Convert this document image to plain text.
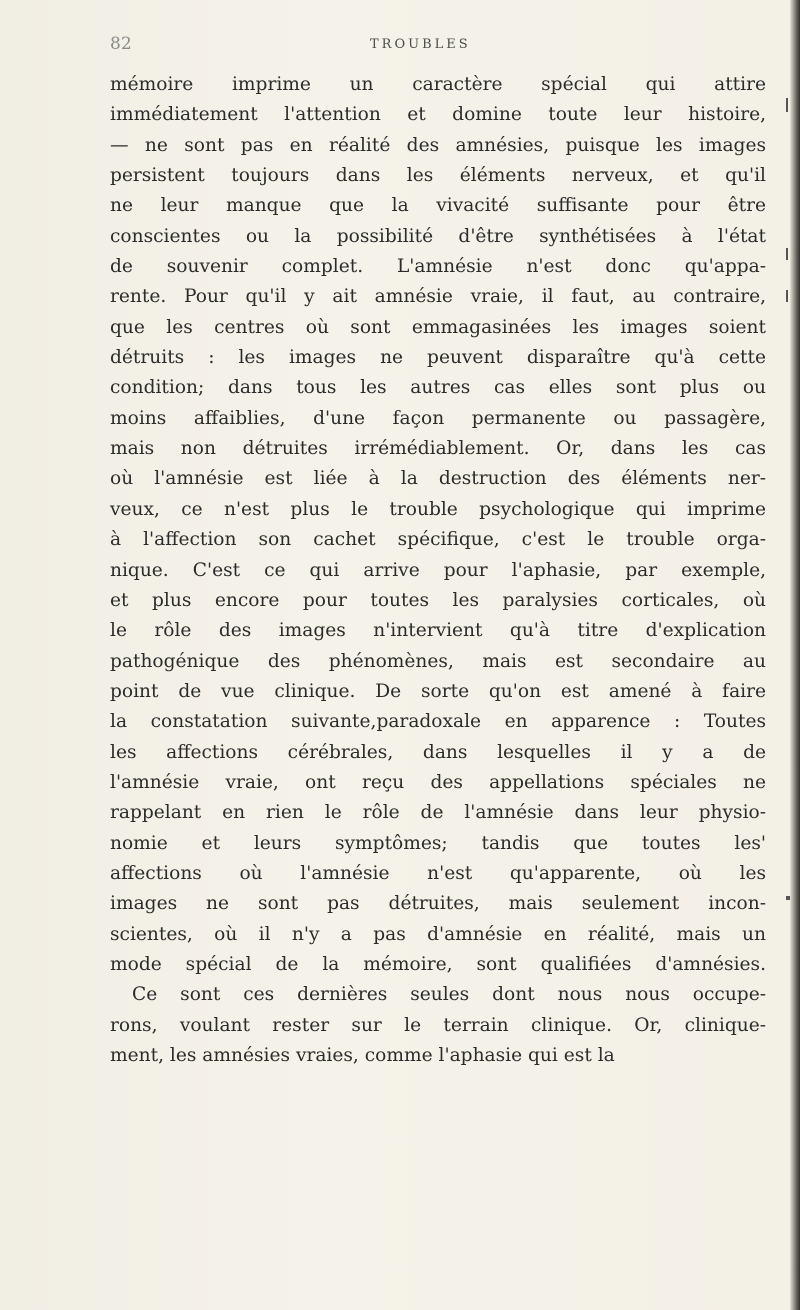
82	TROUBLES
mémoire imprime un caractère spécial qui attire
immédiatement l'attention et domine toute leur histoire,
— ne sont pas en réalité des amnésies, puisque les images
persistent toujours dans les éléments nerveux, et qu'il
ne leur manque que la vivacité suffisante pour être
conscientes ou la possibilité d'être synthétisées à l'état
de souvenir complet. L'amnésie n'est donc qu'appa-
rente. Pour qu'il y ait amnésie vraie, il faut, au contraire,
que les centres où sont emmagasinées les images soient
détruits : les images ne peuvent disparaître qu'à cette
condition; dans tous les autres cas elles sont plus ou
moins affaiblies, d'une façon permanente ou passagère,
mais non détruites irrémédiablement. Or, dans les cas
où l'amnésie est liée à la destruction des éléments ner-
veux, ce n'est plus le trouble psychologique qui imprime
à l'affection son cachet spécifique, c'est le trouble orga-
nique. C'est ce qui arrive pour l'aphasie, par exemple,
et plus encore pour toutes les paralysies corticales, où
le rôle des images n'intervient qu'à titre d'explication
pathogénique des phénomènes, mais est secondaire au
point de vue clinique. De sorte qu'on est amené à faire
la constatation suivante,paradoxale en apparence : Toutes
les affections cérébrales, dans lesquelles il y a de
l'amnésie vraie, ont reçu des appellations spéciales ne
rappelant en rien le rôle de l'amnésie dans leur physio-
nomie et leurs symptômes; tandis que toutes les'
affections où l'amnésie n'est qu'apparente, où les
images ne sont pas détruites, mais seulement incon-
scientes, où il n'y a pas d'amnésie en réalité, mais un
mode spécial de la mémoire, sont qualifiées d'amnésies.
Ce sont ces dernières seules dont nous nous occupe-
rons, voulant rester sur le terrain clinique. Or, clinique-
ment, les amnésies vraies, comme l'aphasie qui est la
